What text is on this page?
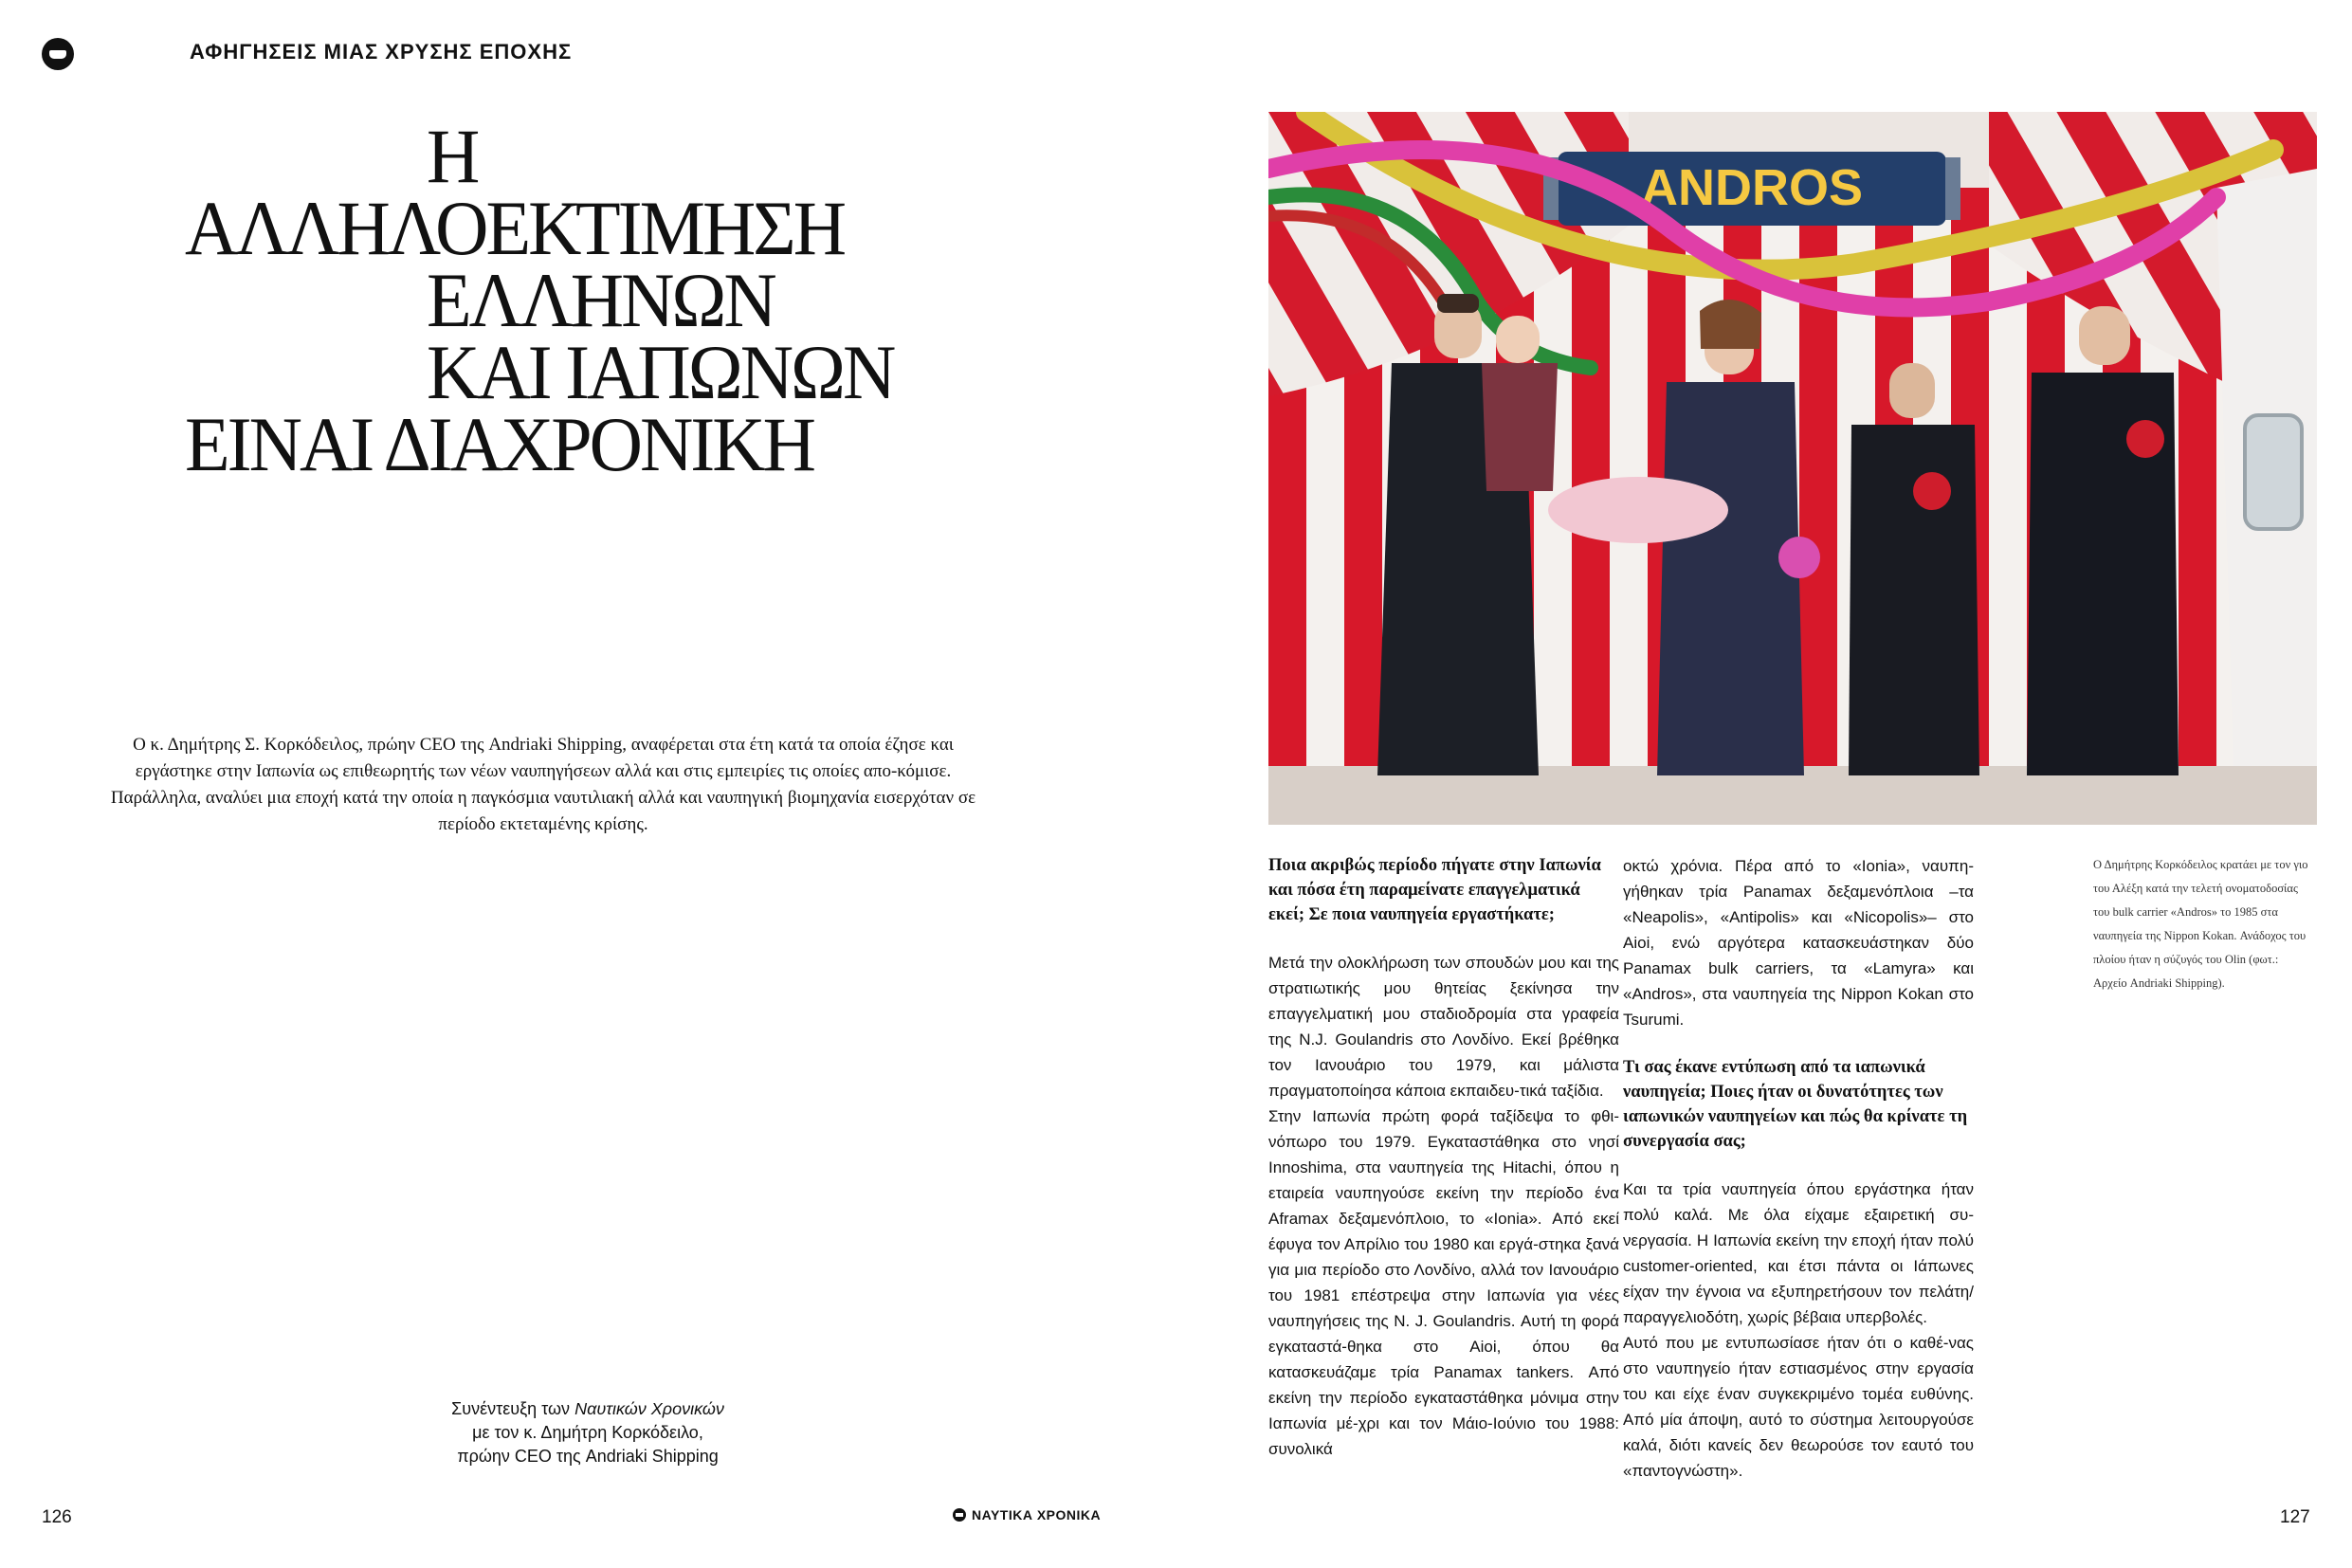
ΑΦΗΓΗΣΕΙΣ ΜΙΑΣ ΧΡΥΣΗΣ ΕΠΟΧΗΣ
Η
ΑΛΛΗΛΟΕΚΤΙΜΗΣΗ
ΕΛΛΗΝΩΝ
ΚΑΙ ΙΑΠΩΝΩΝ
ΕΙΝΑΙ ΔΙΑΧΡΟΝΙΚΗ
Ο κ. Δημήτρης Σ. Κορκόδειλος, πρώην CEO της Andriaki Shipping, αναφέρεται στα έτη κατά τα οποία έζησε και εργάστηκε στην Ιαπωνία ως επιθεωρητής των νέων ναυπηγήσεων αλλά και στις εμπειρίες τις οποίες απο-κόμισε. Παράλληλα, αναλύει μια εποχή κατά την οποία η παγκόσμια ναυτιλιακή αλλά και ναυπηγική βιομηχανία εισερχόταν σε περίοδο εκτεταμένης κρίσης.
Συνέντευξη των Ναυτικών Χρονικών
με τον κ. Δημήτρη Κορκόδειλο,
πρώην CEO της Andriaki Shipping
126	ΝΑΥΤΙΚΑ ΧΡΟΝΙΚΑ	127
ANDROS

Ποια ακριβώς περίοδο πήγατε στην Ιαπωνία και πόσα έτη παραμείνατε επαγγελματικά εκεί; Σε ποια ναυπηγεία εργαστήκατε;

Μετά την ολοκλήρωση των σπουδών μου και της στρατιωτικής μου θητείας ξεκίνησα την επαγγελματική μου σταδιοδρομία στα γραφεία της N.J. Goulandris στο Λονδίνο. Εκεί βρέθηκα τον Ιανουάριο του 1979, και μάλιστα πραγματοποίησα κάποια εκπαιδευ-τικά ταξίδια.

Στην Ιαπωνία πρώτη φορά ταξίδεψα το φθι-νόπωρο του 1979. Εγκαταστάθηκα στο νησί Innoshima, στα ναυπηγεία της Hitachi, όπου η εταιρεία ναυπηγούσε εκείνη την περίοδο ένα Aframax δεξαμενόπλοιο, το «Ionia». Από εκεί έφυγα τον Απρίλιο του 1980 και εργά-στηκα ξανά για μια περίοδο στο Λονδίνο, αλλά τον Ιανουάριο του 1981 επέστρεψα στην Ιαπωνία για νέες ναυπηγήσεις της N. J. Goulandris. Αυτή τη φορά εγκαταστά-θηκα στο Aioi, όπου θα κατασκευάζαμε τρία Panamax tankers. Από εκείνη την περίοδο εγκαταστάθηκα μόνιμα στην Ιαπωνία μέ-χρι και τον Μάιο-Ιούνιο του 1988: συνολικά

οκτώ χρόνια. Πέρα από το «Ionia», ναυπη-γήθηκαν τρία Panamax δεξαμενόπλοια –τα «Neapolis», «Antipolis» και «Nicopolis»– στο Aioi, ενώ αργότερα κατασκευάστηκαν δύο Panamax bulk carriers, τα «Lamyra» και «Andros», στα ναυπηγεία της Nippon Kokan στο Tsurumi.

Τι σας έκανε εντύπωση από τα ιαπωνικά ναυπηγεία; Ποιες ήταν οι δυνατότητες των ιαπωνικών ναυπηγείων και πώς θα κρίνατε τη συνεργασία σας;

Και τα τρία ναυπηγεία όπου εργάστηκα ήταν πολύ καλά. Με όλα είχαμε εξαιρετική συ-νεργασία. Η Ιαπωνία εκείνη την εποχή ήταν πολύ customer-oriented, και έτσι πάντα οι Ιάπωνες είχαν την έγνοια να εξυπηρετήσουν τον πελάτη/παραγγελιοδότη, χωρίς βέβαια υπερβολές.

Αυτό που με εντυπωσίασε ήταν ότι ο καθέ-νας στο ναυπηγείο ήταν εστιασμένος στην εργασία του και είχε έναν συγκεκριμένο τομέα ευθύνης. Από μία άποψη, αυτό το σύστημα λειτουργούσε καλά, διότι κανείς δεν θεωρούσε τον εαυτό του «παντογνώστη».

Ο Δημήτρης Κορκόδειλος κρατάει με τον γιο του Αλέξη κατά την τελετή ονοματοδοσίας του bulk carrier «Andros» το 1985 στα ναυπηγεία της Nippon Kokan. Ανάδοχος του πλοίου ήταν η σύζυγός του Olin (φωτ.: Αρχείο Andriaki Shipping).
